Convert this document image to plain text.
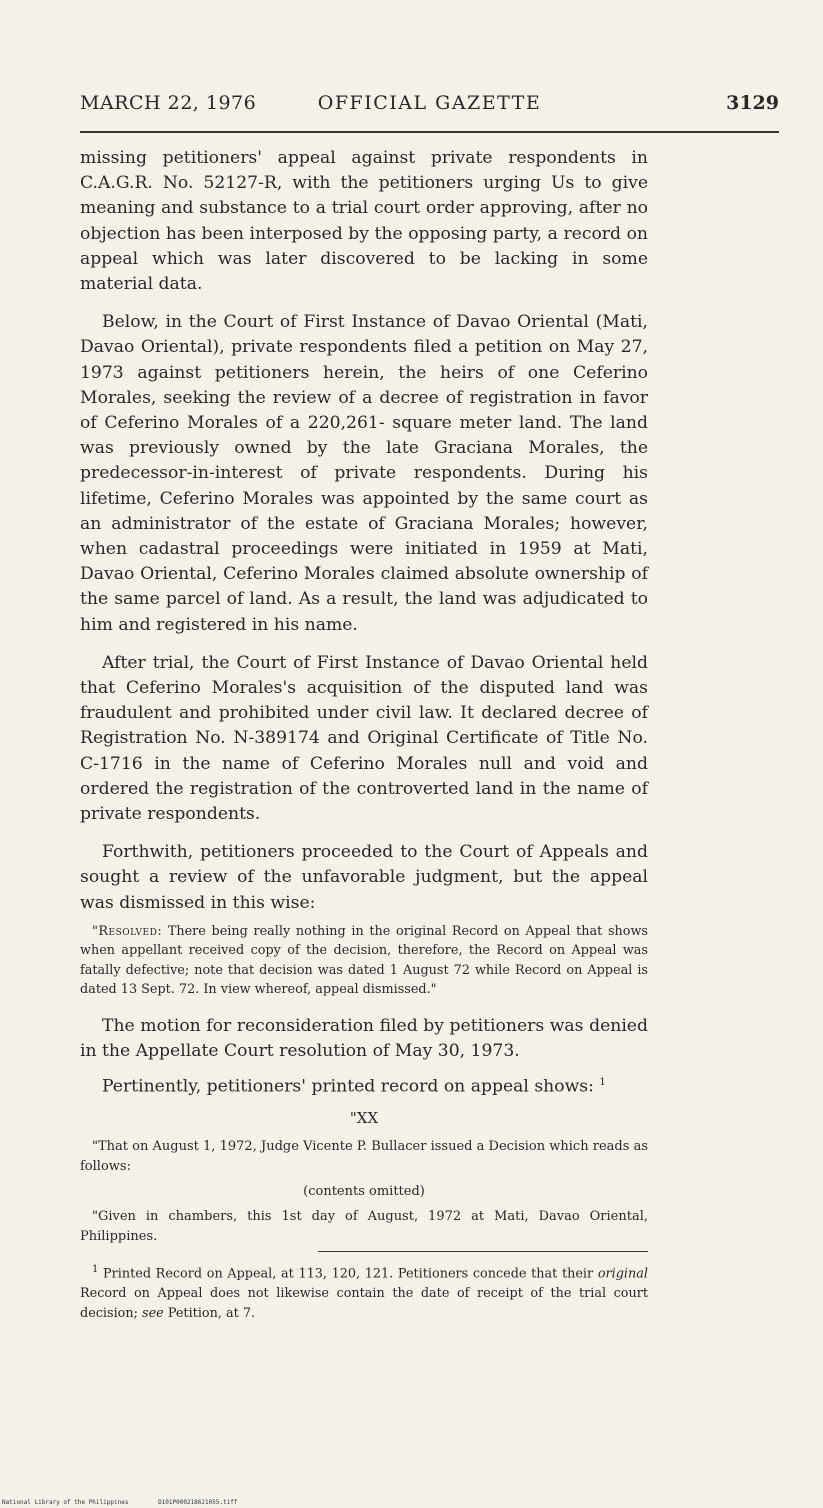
MARCH 22, 1976	OFFICIAL GAZETTE	3129

missing petitioners' appeal against private respondents in C.A.G.R. No. 52127-R, with the petitioners urging Us to give meaning and substance to a trial court order approving, after no objection has been interposed by the opposing party, a record on appeal which was later discovered to be lacking in some material data.

Below, in the Court of First Instance of Davao Oriental (Mati, Davao Oriental), private respondents filed a petition on May 27, 1973 against petitioners herein, the heirs of one Ceferino Morales, seeking the review of a decree of registration in favor of Ceferino Morales of a 220,261- square meter land. The land was previously owned by the late Graciana Morales, the predecessor-in-interest of private respondents. During his lifetime, Ceferino Morales was appointed by the same court as an administrator of the estate of Graciana Morales; however, when cadastral proceedings were initiated in 1959 at Mati, Davao Oriental, Ceferino Morales claimed absolute ownership of the same parcel of land. As a result, the land was adjudicated to him and registered in his name.

After trial, the Court of First Instance of Davao Oriental held that Ceferino Morales's acquisition of the disputed land was fraudulent and prohibited under civil law. It declared decree of Registration No. N-389174 and Original Certificate of Title No. C-1716 in the name of Ceferino Morales null and void and ordered the registration of the controverted land in the name of private respondents.

Forthwith, petitioners proceeded to the Court of Appeals and sought a review of the unfavorable judgment, but the appeal was dismissed in this wise:

"Resolved: There being really nothing in the original Record on Appeal that shows when appellant received copy of the decision, therefore, the Record on Appeal was fatally defective; note that decision was dated 1 August 72 while Record on Appeal is dated 13 Sept. 72. In view whereof, appeal dismissed."

The motion for reconsideration filed by petitioners was denied in the Appellate Court resolution of May 30, 1973.

Pertinently, petitioners' printed record on appeal shows: $^1$

"XX
"That on August 1, 1972, Judge Vicente P. Bullacer issued a Decision which reads as follows:
(contents omitted)
"Given in chambers, this 1st day of August, 1972 at Mati, Davao Oriental, Philippines.
$^1$ Printed Record on Appeal, at 113, 120, 121. Petitioners concede that their original Record on Appeal does not likewise contain the date of receipt of the trial court decision; see Petition, at 7.
National Library of the Philippines	D101P000218621055.tiff
